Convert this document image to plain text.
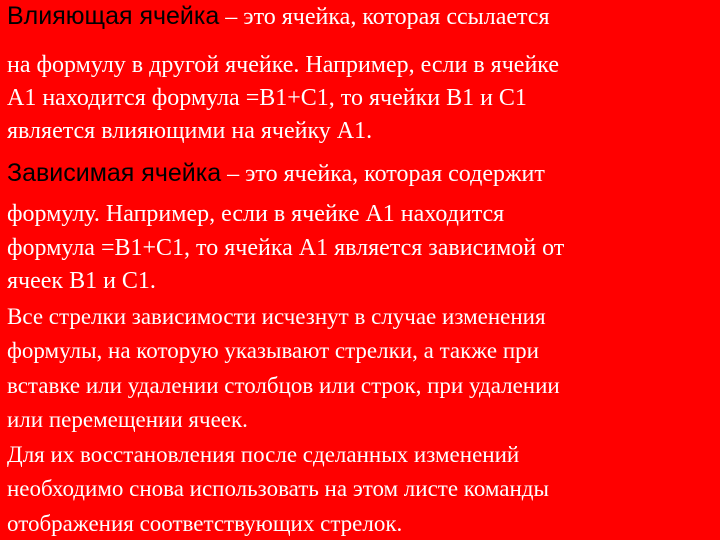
Влияющая ячейка – это ячейка, которая ссылается
на формулу в другой ячейке. Например, если в ячейке
А1 находится формула =В1+С1, то ячейки В1 и С1
является влияющими на ячейку А1.
Зависимая ячейка – это ячейка, которая содержит
формулу. Например, если в ячейке А1 находится
формула =В1+С1, то ячейка А1 является зависимой от
ячеек В1 и С1.
Все стрелки зависимости исчезнут в случае изменения
формулы, на которую указывают стрелки, а также при
вставке или удалении столбцов или строк, при удалении
или перемещении ячеек.
Для их восстановления после сделанных изменений
необходимо снова использовать на этом листе команды
отображения соответствующих стрелок.
